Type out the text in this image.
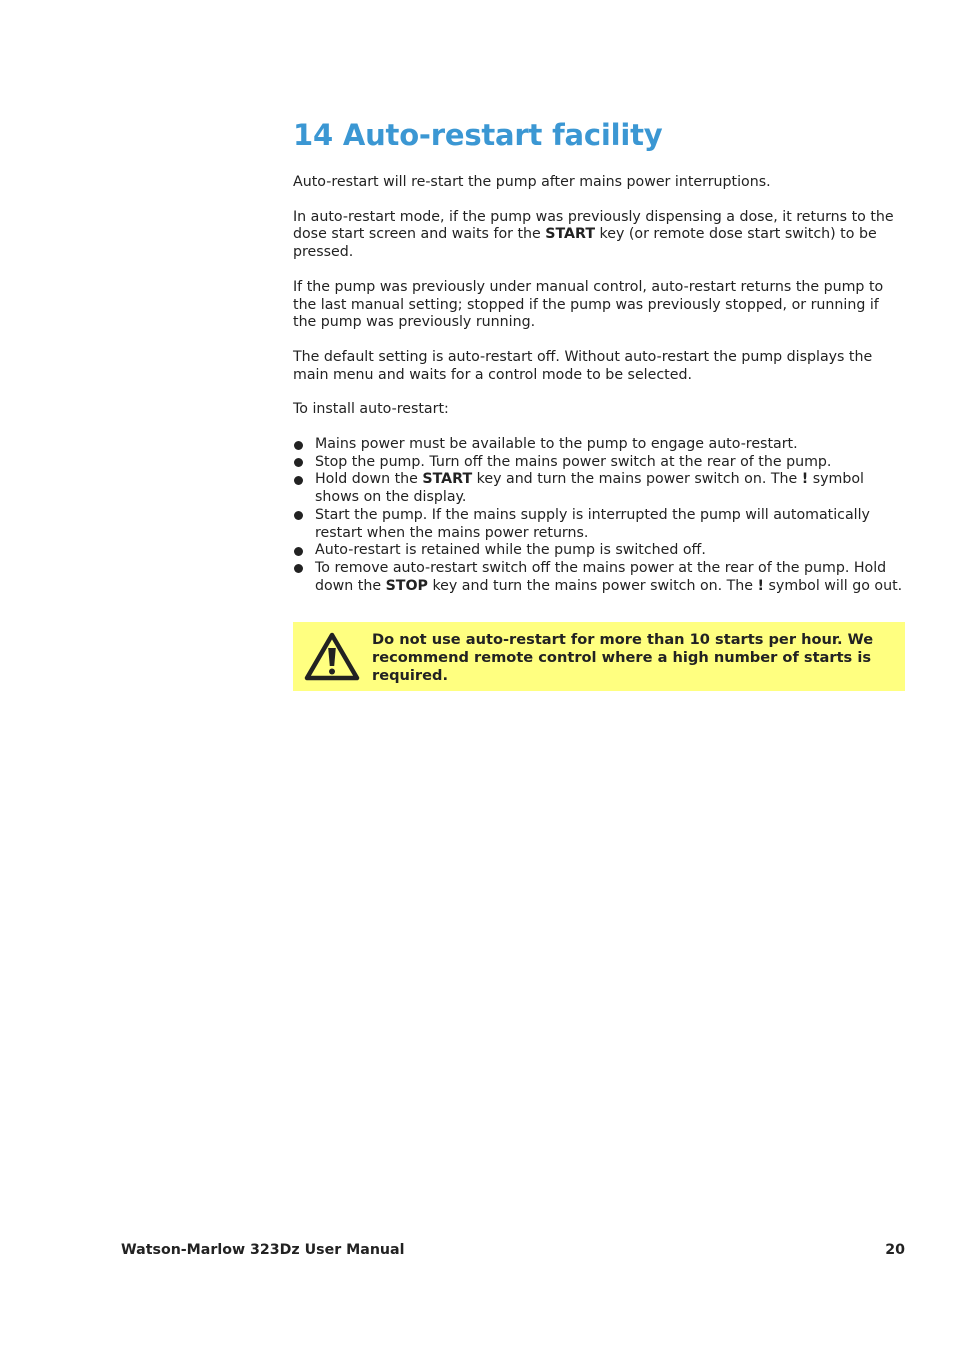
14 Auto-restart facility

Auto-restart will re-start the pump after mains power interruptions.

In auto-restart mode, if the pump was previously dispensing a dose, it returns to the dose start screen and waits for the START key (or remote dose start switch) to be pressed.

If the pump was previously under manual control, auto-restart returns the pump to the last manual setting; stopped if the pump was previously stopped, or running if the pump was previously running.

The default setting is auto-restart off. Without auto-restart the pump displays the main menu and waits for a control mode to be selected.

To install auto-restart:

Mains power must be available to the pump to engage auto-restart.
Stop the pump. Turn off the mains power switch at the rear of the pump.
Hold down the START key and turn the mains power switch on. The ! symbol shows on the display.
Start the pump. If the mains supply is interrupted the pump will automatically restart when the mains power returns.
Auto-restart is retained while the pump is switched off.
To remove auto-restart switch off the mains power at the rear of the pump. Hold down the STOP key and turn the mains power switch on. The ! symbol will go out.
Do not use auto-restart for more than 10 starts per hour. We recommend remote control where a high number of starts is required.
Watson-Marlow 323Dz User Manual	20
